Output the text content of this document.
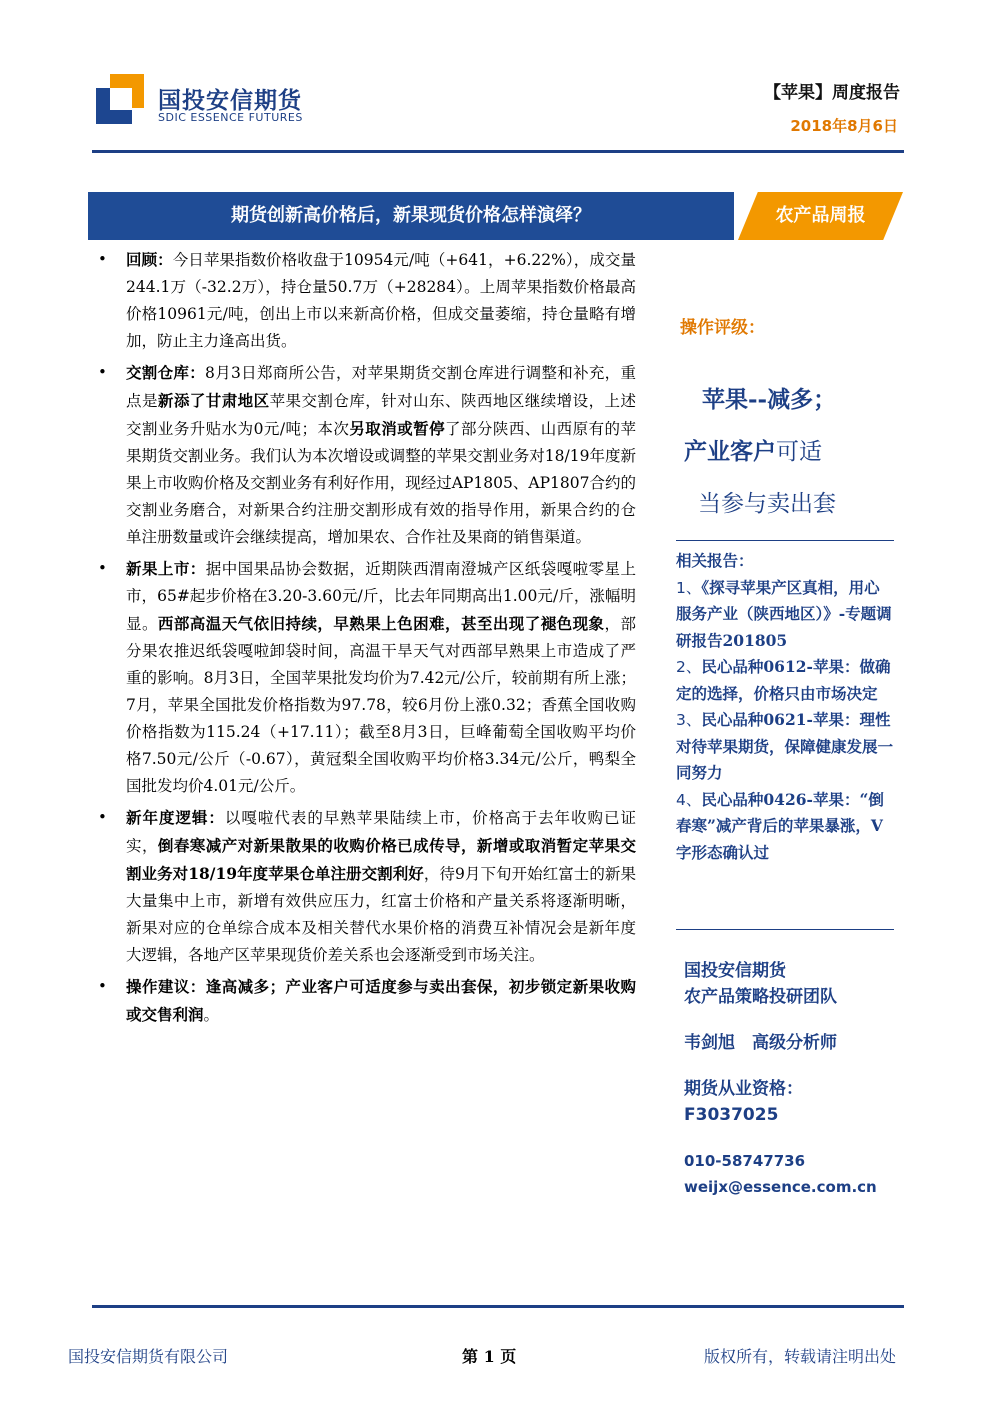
国投安信期货
SDIC ESSENCE FUTURES
【苹果】周度报告
2018年8月6日
期货创新高价格后，新果现货价格怎样演绎？	农产品周报
• 回顾：今日苹果指数价格收盘于10954元/吨（+641，+6.22%），成交量244.1万（-32.2万），持仓量50.7万（+28284）。上周苹果指数价格最高价格10961元/吨，创出上市以来新高价格，但成交量萎缩，持仓量略有增加，防止主力逢高出货。
• 交割仓库：8月3日郑商所公告，对苹果期货交割仓库进行调整和补充，重点是新添了甘肃地区苹果交割仓库，针对山东、陕西地区继续增设，上述交割业务升贴水为0元/吨；本次另取消或暂停了部分陕西、山西原有的苹果期货交割业务。我们认为本次增设或调整的苹果交割业务对18/19年度新果上市收购价格及交割业务有利好作用，现经过AP1805、AP1807合约的交割业务磨合，对新果合约注册交割形成有效的指导作用，新果合约的仓单注册数量或许会继续提高，增加果农、合作社及果商的销售渠道。
• 新果上市：据中国果品协会数据，近期陕西渭南澄城产区纸袋嘎啦零星上市，65#起步价格在3.20-3.60元/斤，比去年同期高出1.00元/斤，涨幅明显。西部高温天气依旧持续，早熟果上色困难，甚至出现了褪色现象，部分果农推迟纸袋嘎啦卸袋时间，高温干旱天气对西部早熟果上市造成了严重的影响。8月3日，全国苹果批发均价为7.42元/公斤，较前期有所上涨；7月，苹果全国批发价格指数为97.78，较6月份上涨0.32；香蕉全国收购价格指数为115.24（+17.11）；截至8月3日，巨峰葡萄全国收购平均价格7.50元/公斤（-0.67），黄冠梨全国收购平均价格3.34元/公斤，鸭梨全国批发均价4.01元/公斤。
• 新年度逻辑：以嘎啦代表的早熟苹果陆续上市，价格高于去年收购已证实，倒春寒减产对新果散果的收购价格已成传导，新增或取消暂定苹果交割业务对18/19年度苹果仓单注册交割利好，待9月下旬开始红富士的新果大量集中上市，新增有效供应压力，红富士价格和产量关系将逐渐明晰，新果对应的仓单综合成本及相关替代水果价格的消费互补情况会是新年度大逻辑，各地产区苹果现货价差关系也会逐渐受到市场关注。
• 操作建议：逢高减多；产业客户可适度参与卖出套保，初步锁定新果收购或交售利润。
操作评级：
苹果--减多；
产业客户可适
当参与卖出套
相关报告：
1、《探寻苹果产区真相，用心服务产业（陕西地区）》-专题调研报告201805
2、民心品种0612-苹果：做确定的选择，价格只由市场决定
3、民心品种0621-苹果：理性对待苹果期货，保障健康发展一同努力
4、民心品种0426-苹果：“倒春寒”减产背后的苹果暴涨，V字形态确认过
国投安信期货
农产品策略投研团队
韦剑旭　高级分析师
期货从业资格：
F3037025
010-58747736
weijx@essence.com.cn
国投安信期货有限公司	第 1 页	版权所有，转载请注明出处
